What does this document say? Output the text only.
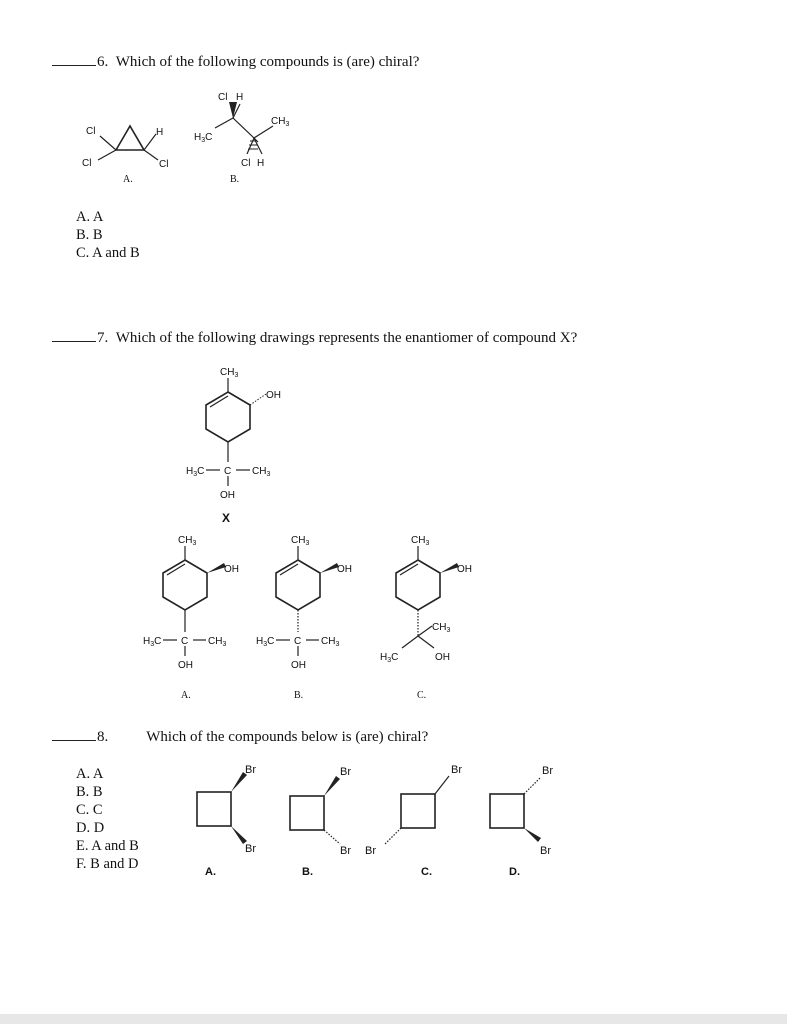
6. Which of the following compounds is (are) chiral?
Cl
Cl
H
Cl
A.
Cl H
$H_3C$
$CH_3$
Cl H
B.
A. A
B. B
C. A and B
7. Which of the following drawings represents the enantiomer of compound X?
$CH_3$
OH
$H_3C$ C $CH_3$
OH
X
$CH_3$
OH
$H_3C$ C $CH_3$
OH
A.
$CH_3$
OH
$H_3C$ C $CH_3$
OH
B.
$CH_3$
OH
$CH_3$
$H_3C$	OH
C.
8.	Which of the compounds below is (are) chiral?
A. A
B. B
C. C
D. D
E. A and B
F. B and D
Br
Br
A.
Br
Br
B.
Br
Br
C.
Br
Br
D.
